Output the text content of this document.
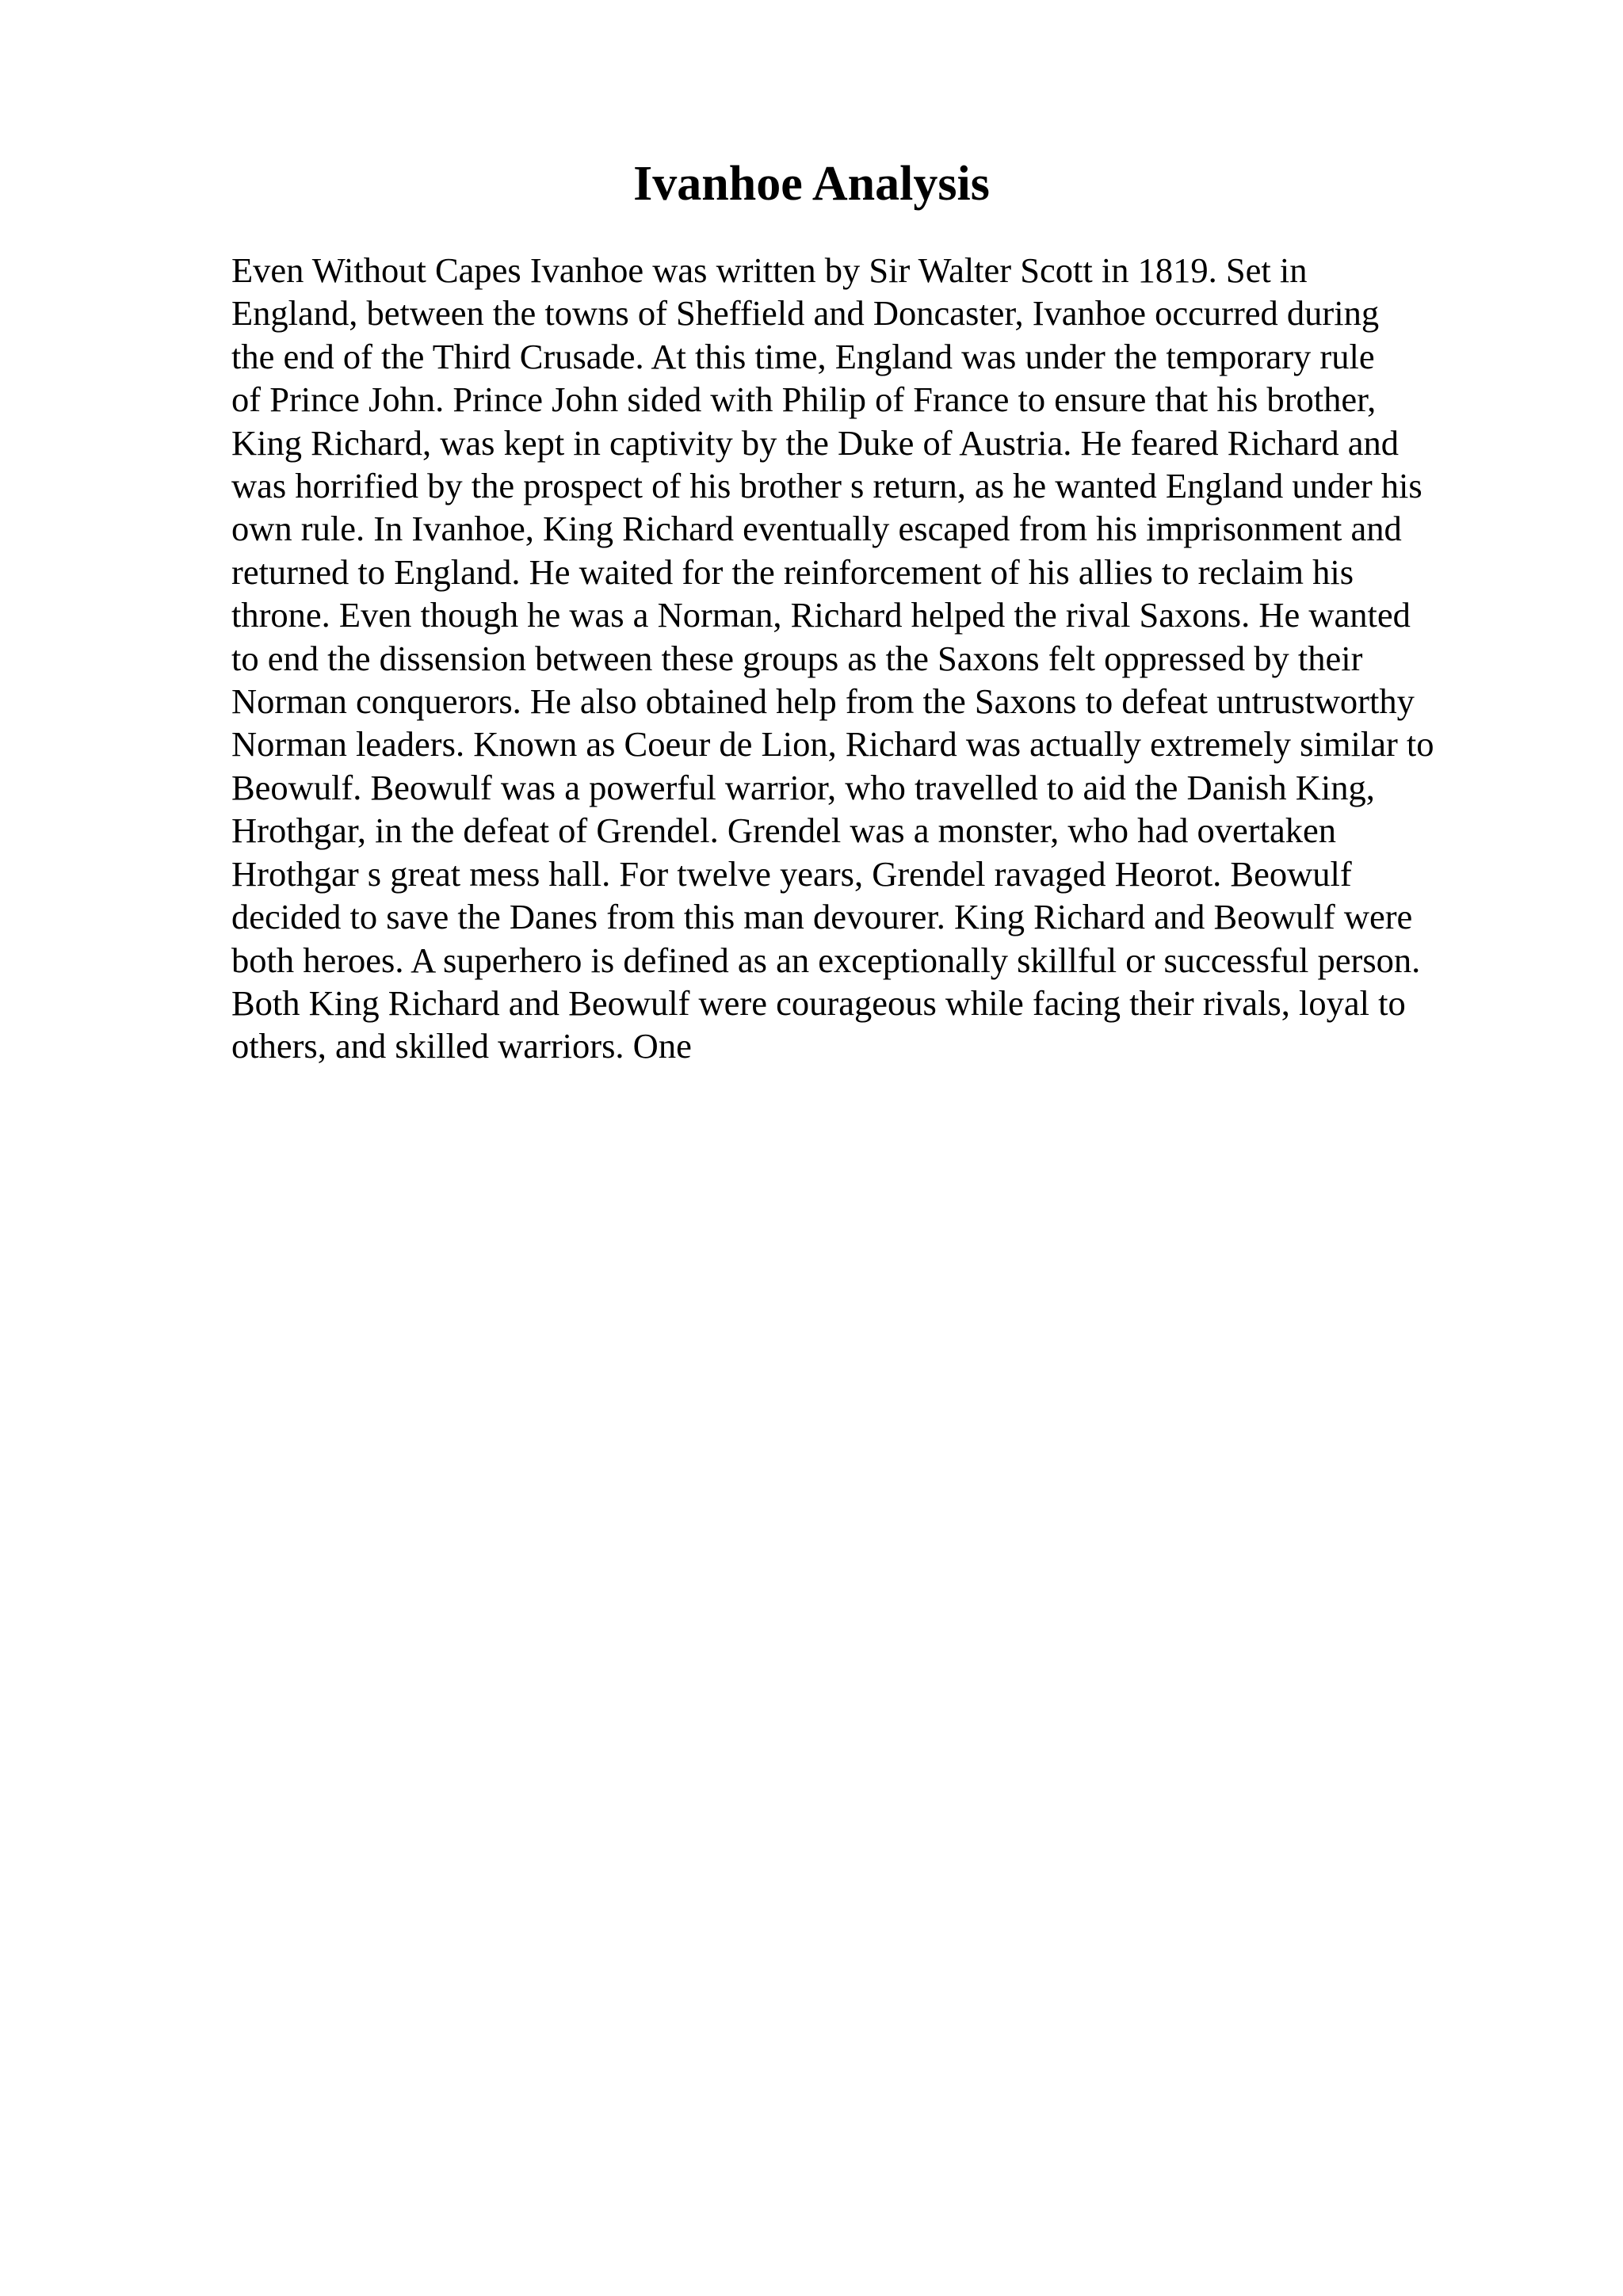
Ivanhoe Analysis
Even Without Capes Ivanhoe was written by Sir Walter Scott in 1819. Set in
England, between the towns of Sheffield and Doncaster, Ivanhoe occurred during
the end of the Third Crusade. At this time, England was under the temporary rule
of Prince John. Prince John sided with Philip of France to ensure that his brother,
King Richard, was kept in captivity by the Duke of Austria. He feared Richard and
was horrified by the prospect of his brother s return, as he wanted England under his
own rule. In Ivanhoe, King Richard eventually escaped from his imprisonment and
returned to England. He waited for the reinforcement of his allies to reclaim his
throne. Even though he was a Norman, Richard helped the rival Saxons. He wanted
to end the dissension between these groups as the Saxons felt oppressed by their
Norman conquerors. He also obtained help from the Saxons to defeat untrustworthy
Norman leaders. Known as Coeur de Lion, Richard was actually extremely similar to
Beowulf. Beowulf was a powerful warrior, who travelled to aid the Danish King,
Hrothgar, in the defeat of Grendel. Grendel was a monster, who had overtaken
Hrothgar s great mess hall. For twelve years, Grendel ravaged Heorot. Beowulf
decided to save the Danes from this man devourer. King Richard and Beowulf were
both heroes. A superhero is defined as an exceptionally skillful or successful person.
Both King Richard and Beowulf were courageous while facing their rivals, loyal to
others, and skilled warriors. One
